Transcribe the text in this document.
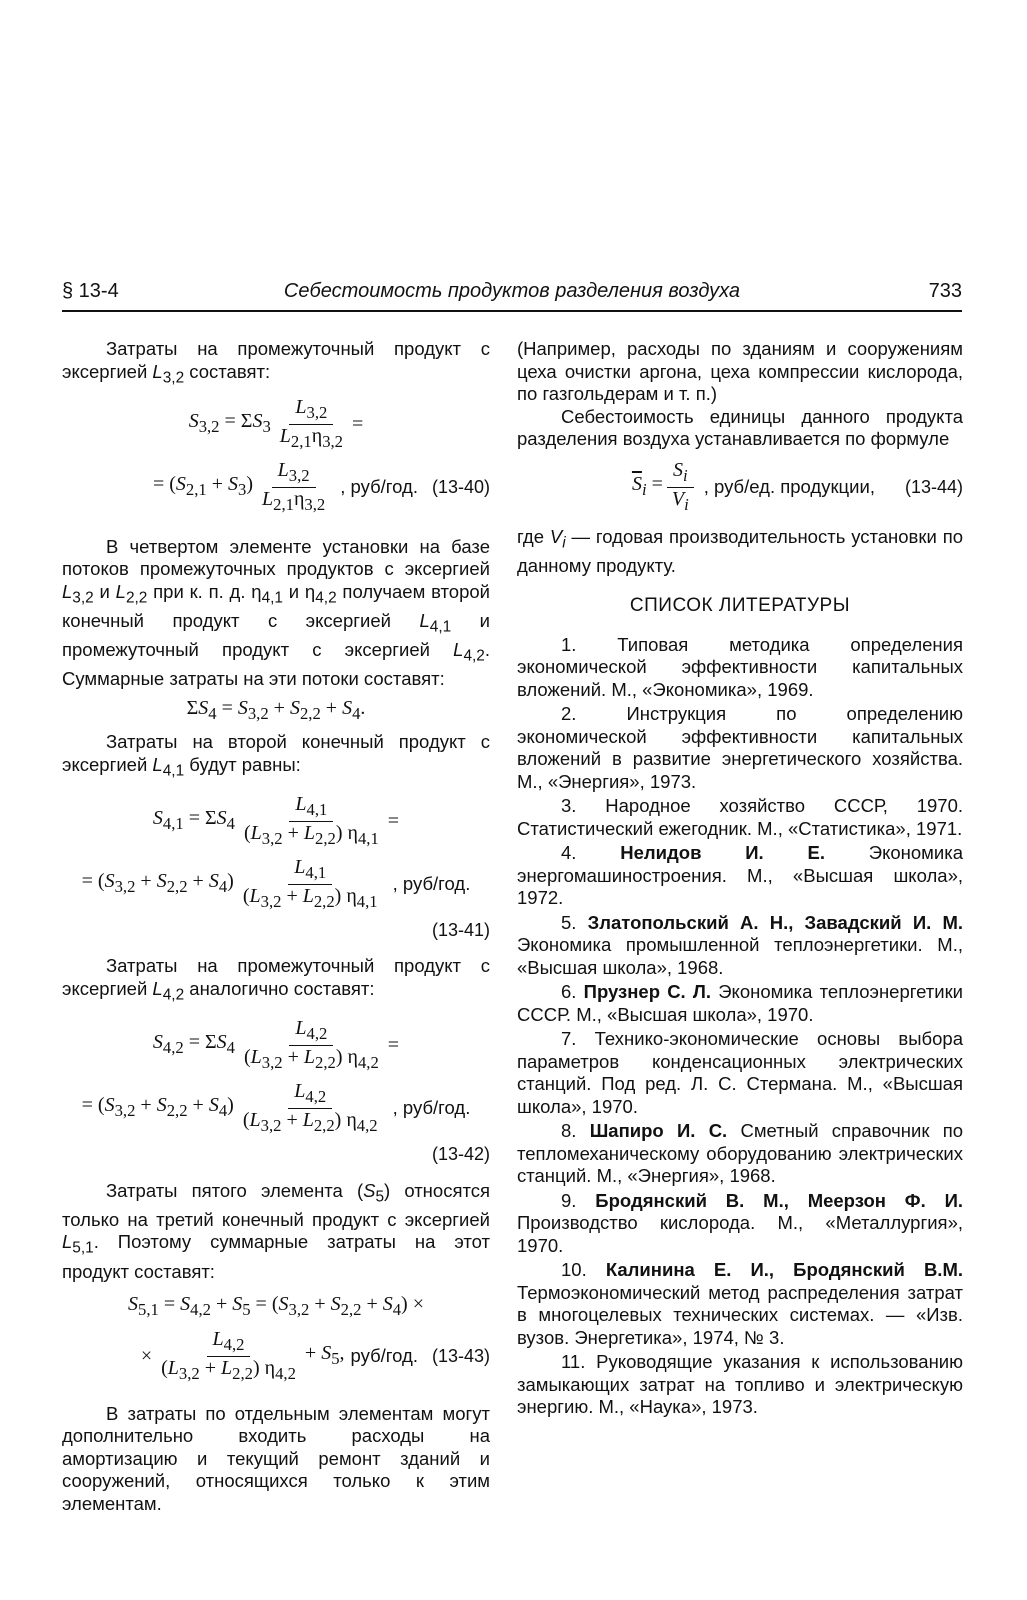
§ 13-4	Себестоимость продуктов разделения воздуха	733

Затраты на промежуточный продукт с эксергией $L_{3,2}$ составят:

$S_{3,2} = \Sigma S_3 \frac{L_{3,2}}{L_{2,1}\eta_{3,2}}$ =
= $(S_{2,1} + S_3) \frac{L_{3,2}}{L_{2,1}\eta_{3,2}}$ , руб/год. (13-40)

В четвертом элементе установки на базе потоков промежуточных продуктов с эксергией $L_{3,2}$ и $L_{2,2}$ при к. п. д. $\eta_{4,1}$ и $\eta_{4,2}$ получаем второй конечный продукт с эксергией $L_{4,1}$ и промежуточный продукт с эксергией $L_{4,2}$. Суммарные затраты на эти потоки составят:

$\Sigma S_4 = S_{3,2} + S_{2,2} + S_4$.

Затраты на второй конечный продукт с эксергией $L_{4,1}$ будут равны:

$S_{4,1} = \Sigma S_4 \frac{L_{4,1}}{(L_{3,2} + L_{2,2}) \eta_{4,1}}$ =
= $(S_{3,2} + S_{2,2} + S_4) \frac{L_{4,1}}{(L_{3,2} + L_{2,2}) \eta_{4,1}}$ , руб/год.
(13-41)

Затраты на промежуточный продукт с эксергией $L_{4,2}$ аналогично составят:

$S_{4,2} = \Sigma S_4 \frac{L_{4,2}}{(L_{3,2} + L_{2,2}) \eta_{4,2}}$ =
= $(S_{3,2} + S_{2,2} + S_4) \frac{L_{4,2}}{(L_{3,2} + L_{2,2}) \eta_{4,2}}$ , руб/год.
(13-42)

Затраты пятого элемента $(S_5)$ относятся только на третий конечный продукт с эксергией $L_{5,1}$. Поэтому суммарные затраты на этот продукт составят:

$S_{5,1} = S_{4,2} + S_5 = (S_{3,2} + S_{2,2} + S_4)$ ×
× $\frac{L_{4,2}}{(L_{3,2} + L_{2,2}) \eta_{4,2}} + S_5$, руб/год. (13-43)

В затраты по отдельным элементам могут дополнительно входить расходы на амортизацию и текущий ремонт зданий и сооружений, относящихся только к этим элементам.

(Например, расходы по зданиям и сооружениям цеха очистки аргона, цеха компрессии кислорода, по газгольдерам и т. п.)

Себестоимость единицы данного продукта разделения воздуха устанавливается по формуле

$\overline{S}_i = \frac{S_i}{V_i}$ , руб/ед. продукции, (13-44)

где $V_i$ — годовая производительность установки по данному продукту.

СПИСОК ЛИТЕРАТУРЫ

1. Типовая методика определения экономической эффективности капитальных вложений. М., «Экономика», 1969.

2.	Инструкция по определению экономической эффективности капитальных вложений в развитие энергетического хозяйства. М., «Энергия», 1973.

3. Народное хозяйство СССР, 1970. Статистический ежегодник. М., «Статистика», 1971.

4. Нелидов И. Е. Экономика энергомашиностроения. М., «Высшая школа», 1972.

5. Златопольский А. Н., Завадский И. М. Экономика промышленной теплоэнергетики. М., «Высшая школа», 1968.

6. Прузнер С. Л. Экономика теплоэнергетики СССР. М., «Высшая школа», 1970.

7. Технико-экономические основы выбора параметров конденсационных электрических станций. Под ред. Л. С. Стермана. М., «Высшая школа», 1970.

8. Шапиро И. С. Сметный справочник по тепломеханическому оборудованию электрических станций. М., «Энергия», 1968.

9. Бродянский В. М., Меерзон Ф. И. Производство кислорода. М., «Металлургия», 1970.

10. Калинина Е. И., Бродянский В.М. Термоэкономический метод распределения затрат в многоцелевых технических системах. — «Изв. вузов. Энергетика», 1974, № 3.

11. Руководящие указания к использованию замыкающих затрат на топливо и электрическую энергию. М., «Наука», 1973.
